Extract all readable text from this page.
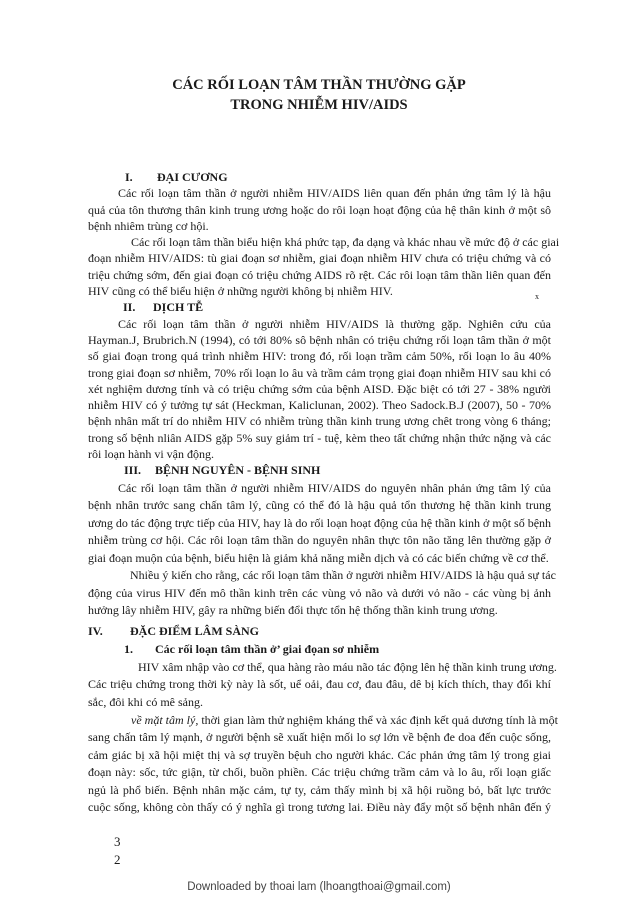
CÁC RỐI LOẠN TÂM THẦN THƯỜNG GẶP
TRONG NHIỄM HIV/AIDS
I. ĐẠI CƯƠNG
Các rối loạn tâm thần ở người nhiễm HIV/AIDS liên quan đến phản ứng tâm lý là hậu
quả của tôn thương thân kinh trung ương hoặc do rôi loạn hoạt động của hệ thân kinh ở một sô
bệnh nhiêm trùng cơ hội.
Các rối loạn tâm thần biểu hiện khá phức tạp, đa dạng và khác nhau về mức độ ở các giai
đoạn nhiễm HIV/AIDS: tù giai đoạn sơ nhiễm, giai đoạn nhiễm HIV chưa có triệu chứng và có
triệu chứng sớm, đến giai đoạn có triệu chứng AIDS rõ rệt. Các rôi loạn tâm thần liên quan đến
HIV cũng có thể biểu hiện ở những người không bị nhiễm HIV.
II. DỊCH TỄ
x
Các rối loạn tâm thần ở người nhiễm HIV/AIDS là thường gặp. Nghiên cứu của
Hayman.J, Brubrich.N (1994), có tới 80% sô bệnh nhân có triệu chứng rối loạn tâm thần ở một
số giai đoạn trong quá trình nhiễm HIV: trong đó, rối loạn trầm cảm 50%, rối loạn lo âu 40%
trong giai đoạn sơ nhiễm, 70% rối loạn lo âu và trầm cảm trọng giai đoạn nhiễm HIV sau khi có
xét nghiệm dương tính và có triệu chứng sớm của bệnh AISD. Đặc biệt có tới 27 - 38% người
nhiễm HIV có ý tưởng tự sát (Heckman, Kaliclunan, 2002). Theo Sadock.B.J (2007), 50 - 70%
bệnh nhân mất trí do nhiễm HIV có nhiễm trùng thần kinh trung ương chêt trong vòng 6 tháng;
trong số bệnh nliân AIDS gặp 5% suy giảm trí - tuệ, kèm theo tất chứng nhận thức nặng và các
rôi loạn hành vi vận động.
III. BỆNH NGUYÊN - BỆNH SINH
Các rối loạn tâm thần ở người nhiễm HIV/AIDS do nguyên nhân phản ứng tâm lý của
bệnh nhân trước sang chấn tâm lý, cũng có thể đó là hậu quả tổn thương hệ thần kinh trung
ương do tác động trực tiếp của HIV, hay là do rối loạn hoạt động của hệ thần kinh ở một số bệnh
nhiễm trùng cơ hội. Các rôi loạn tâm thần do nguyên nhân thực tôn não tăng lên thường gặp ở
giai đoạn muộn của bệnh, biểu hiện là giảm khả năng miễn dịch và có các biến chứng về cơ thể.
Nhiều ý kiến cho rằng, các rối loạn tâm thần ở người nhiễm HIV/AIDS là hậu quả sự tác
động của virus HIV đến mô thần kinh trên các vùng vỏ não và dưới vỏ não - các vùng bị ảnh
hưởng lây nhiễm HIV, gây ra những biến đổi thực tổn hệ thống thần kinh trung ương.
IV. ĐẶC ĐIỂM LÂM SÀNG
1. Các rối loạn tâm thần ở’ giai đọan sơ nhiễm
HIV xâm nhập vào cơ thể, qua hàng rào máu não tác động lên hệ thần kinh trung ương.
Các triệu chứng trong thời kỳ này là sốt, uể oải, đau cơ, đau đâu, dê bị kích thích, thay đổi khí
sắc, đôi khi có mê sảng.
về mặt tâm lý, thời gian làm thử nghiệm kháng thể và xác định kết quả dương tính là một
sang chấn tâm lý mạnh, ở người bệnh sẽ xuất hiện mối lo sợ lớn về bệnh đe doa đến cuộc sống,
cảm giác bị xã hội miệt thị và sợ truyền bệuh cho người khác. Các phản ứng tâm lý trong giai
đoạn này: sốc, tức giận, từ chối, buồn phiền. Các triệu chứng trầm cảm và lo âu, rối loạn giấc
ngủ là phổ biến. Bệnh nhân mặc cảm, tự ty, cảm thấy mình bị xã hội ruồng bỏ, bất lực trước
cuộc sống, không còn thấy có ý nghĩa gì trong tương lai. Điều này đẩy một số bệnh nhân đến ý
3
2
Downloaded by thoai lam (lhoangthoai@gmail.com)
